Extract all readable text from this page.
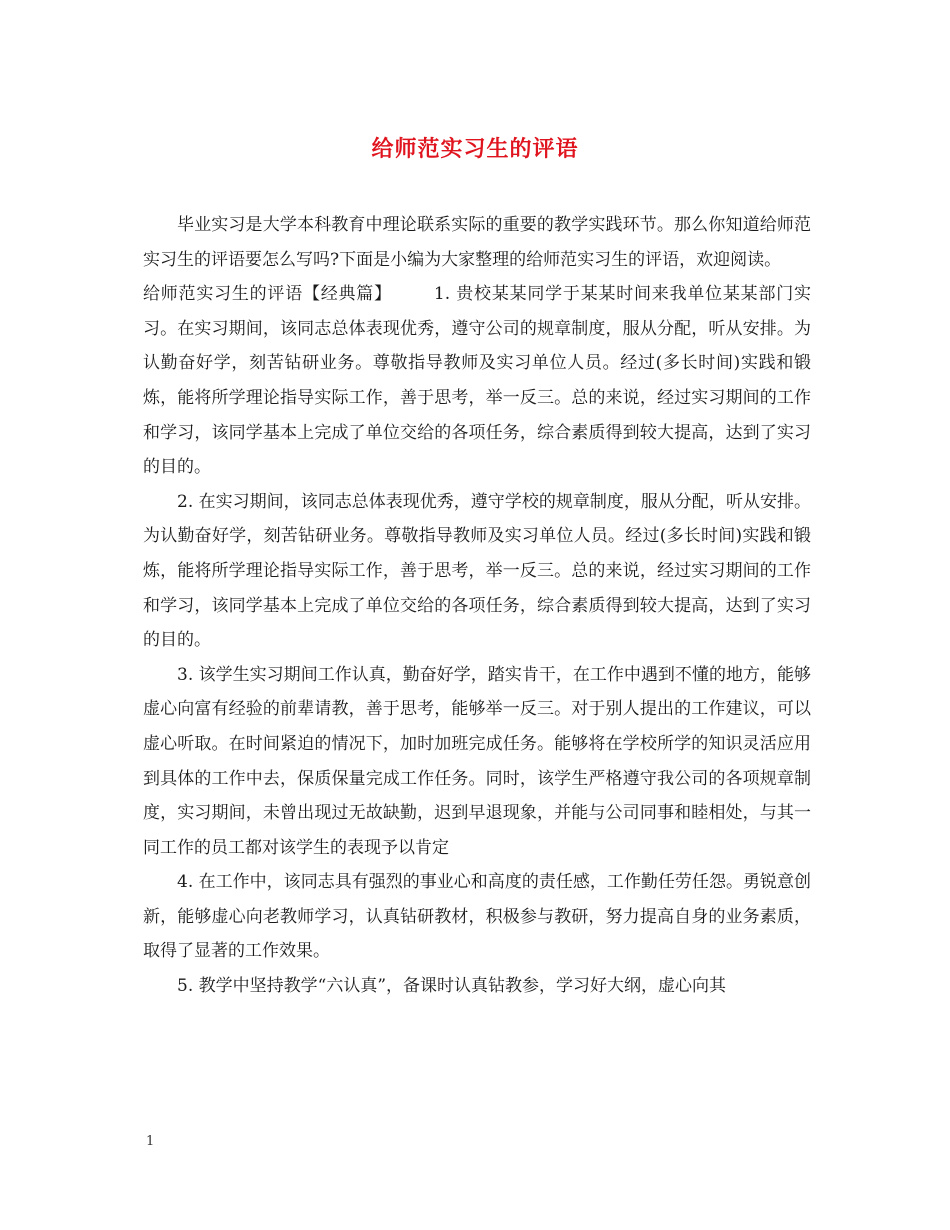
给师范实习生的评语

毕业实习是大学本科教育中理论联系实际的重要的教学实践环节。那么你知道给师范实习生的评语要怎么写吗?下面是小编为大家整理的给师范实习生的评语，欢迎阅读。

给师范实习生的评语【经典篇】 1. 贵校某某同学于某某时间来我单位某某部门实习。在实习期间，该同志总体表现优秀，遵守公司的规章制度，服从分配，听从安排。为认勤奋好学，刻苦钻研业务。尊敬指导教师及实习单位人员。经过(多长时间)实践和锻炼，能将所学理论指导实际工作，善于思考，举一反三。总的来说，经过实习期间的工作和学习，该同学基本上完成了单位交给的各项任务，综合素质得到较大提高，达到了实习的目的。

2. 在实习期间，该同志总体表现优秀，遵守学校的规章制度，服从分配，听从安排。为认勤奋好学，刻苦钻研业务。尊敬指导教师及实习单位人员。经过(多长时间)实践和锻炼，能将所学理论指导实际工作，善于思考，举一反三。总的来说，经过实习期间的工作和学习，该同学基本上完成了单位交给的各项任务，综合素质得到较大提高，达到了实习的目的。

3. 该学生实习期间工作认真，勤奋好学，踏实肯干，在工作中遇到不懂的地方，能够虚心向富有经验的前辈请教，善于思考，能够举一反三。对于别人提出的工作建议，可以虚心听取。在时间紧迫的情况下，加时加班完成任务。能够将在学校所学的知识灵活应用到具体的工作中去，保质保量完成工作任务。同时，该学生严格遵守我公司的各项规章制度，实习期间，未曾出现过无故缺勤，迟到早退现象，并能与公司同事和睦相处，与其一同工作的员工都对该学生的表现予以肯定

4. 在工作中，该同志具有强烈的事业心和高度的责任感，工作勤任劳任怨。勇锐意创新，能够虚心向老教师学习，认真钻研教材，积极参与教研，努力提高自身的业务素质，取得了显著的工作效果。

5. 教学中坚持教学“六认真”，备课时认真钻教参，学习好大纲，虚心向其

1
